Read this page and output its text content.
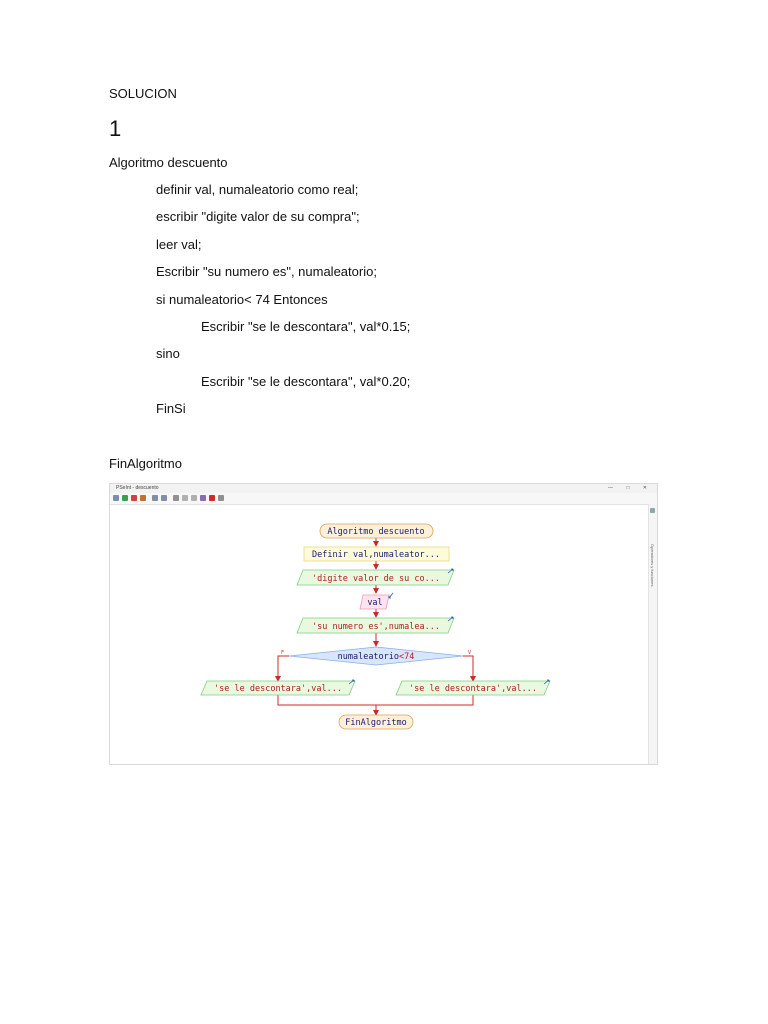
SOLUCION
1
Algoritmo descuento
definir val, numaleatorio como real;
escribir "digite valor de su compra";
leer val;
Escribir "su numero es", numaleatorio;
si numaleatorio< 74 Entonces
Escribir "se le descontara", val*0.15;
sino
Escribir "se le descontara", val*0.20;
FinSi
FinAlgoritmo
PSeInt - descuento	— □ ✕
Operadores y funciones
Algoritmo descuento
Definir val,numaleator...
'digite valor de su co...
val
'su numero es',numalea...
numaleatorio<74
F	V
'se le descontara',val...	'se le descontara',val...
FinAlgoritmo
